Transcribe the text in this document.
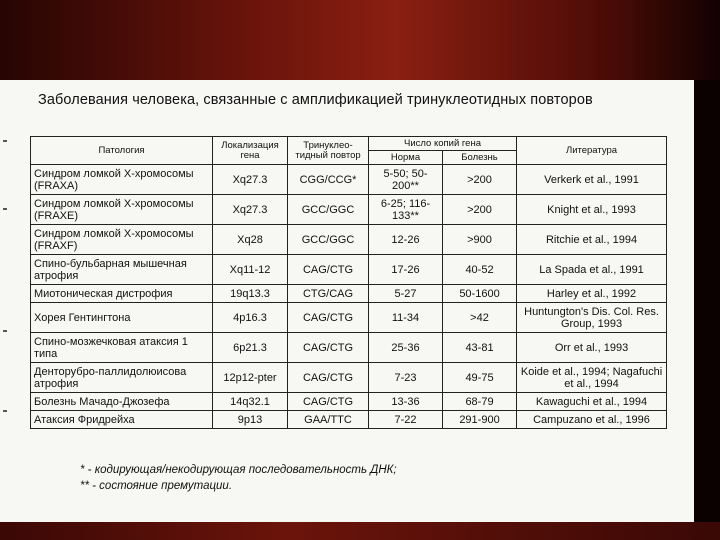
Заболевания человека, связанные с амплификацией тринуклеотидных повторов
Патология	Локализация гена	Тринуклео-тидный повтор	Число копий гена		Литература
			Норма	Болезнь	
Синдром ломкой X-хромосомы (FRAXA)	Xq27.3	CGG/CCG*	5-50; 50-200**	>200	Verkerk et al., 1991
Синдром ломкой X-хромосомы (FRAXE)	Xq27.3	GCC/GGC	6-25; 116-133**	>200	Knight et al., 1993
Синдром ломкой X-хромосомы (FRAXF)	Xq28	GCC/GGC	12-26	>900	Ritchie et al., 1994
Спино-бульбарная мышечная атрофия	Xq11-12	CAG/CTG	17-26	40-52	La Spada et al., 1991
Миотоническая дистрофия	19q13.3	CTG/CAG	5-27	50-1600	Harley et al., 1992
Хорея Гентингтона	4p16.3	CAG/CTG	11-34	>42	Huntungton's Dis. Col. Res. Group, 1993
Спино-мозжечковая атаксия 1 типа	6p21.3	CAG/CTG	25-36	43-81	Orr et al., 1993
Денторубро-паллидолюисова атрофия	12p12-pter	CAG/CTG	7-23	49-75	Koide et al., 1994; Nagafuchi et al., 1994
Болезнь Мачадо-Джозефа	14q32.1	CAG/CTG	13-36	68-79	Kawaguchi et al., 1994
Атаксия Фридрейха	9p13	GAA/TTC	7-22	291-900	Campuzano et al., 1996
* - кодирующая/некодирующая последовательность ДНК;
** - состояние премутации.
